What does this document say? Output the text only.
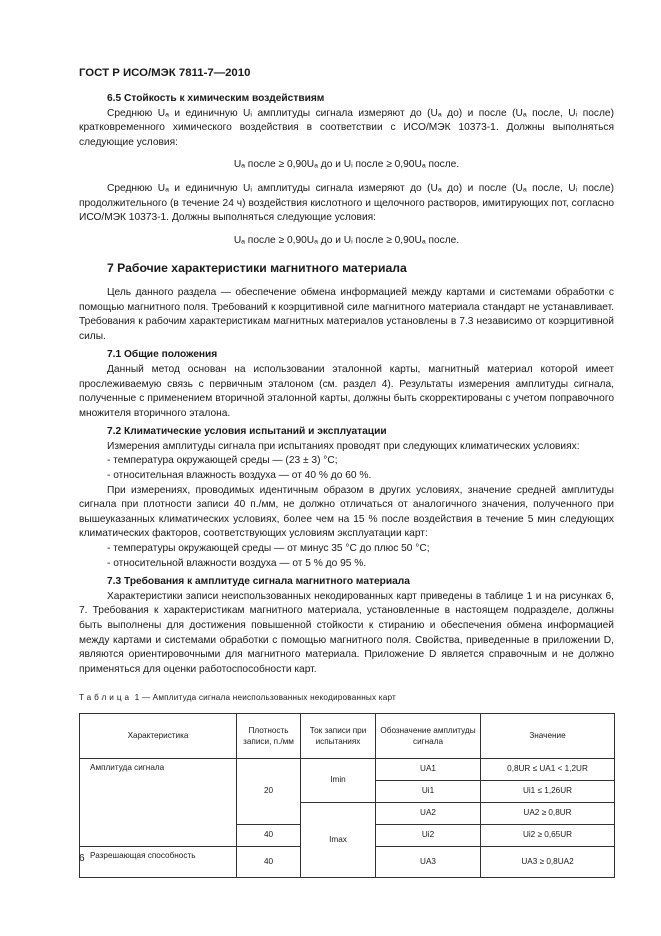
ГОСТ Р ИСО/МЭК 7811-7—2010

6.5 Стойкость к химическим воздействиям

Среднюю Uₐ и единичную Uᵢ амплитуды сигнала измеряют до (Uₐ до) и после (Uₐ после, Uᵢ после) кратковременного химического воздействия в соответствии с ИСО/МЭК 10373-1. Должны выполняться следующие условия:

Uₐ после ≥ 0,90Uₐ до и Uᵢ после ≥ 0,90Uₐ после.

Среднюю Uₐ и единичную Uᵢ амплитуды сигнала измеряют до (Uₐ до) и после (Uₐ после, Uᵢ после) продолжительного (в течение 24 ч) воздействия кислотного и щелочного растворов, имитирующих пот, согласно ИСО/МЭК 10373-1. Должны выполняться следующие условия:

Uₐ после ≥ 0,90Uₐ до и Uᵢ после ≥ 0,90Uₐ после.

7 Рабочие характеристики магнитного материала

Цель данного раздела — обеспечение обмена информацией между картами и системами обработки с помощью магнитного поля. Требований к коэрцитивной силе магнитного материала стандарт не устанавливает. Требования к рабочим характеристикам магнитных материалов установлены в 7.3 независимо от коэрцитивной силы.

7.1 Общие положения

Данный метод основан на использовании эталонной карты, магнитный материал которой имеет прослеживаемую связь с первичным эталоном (см. раздел 4). Результаты измерения амплитуды сигнала, полученные с применением вторичной эталонной карты, должны быть скорректированы с учетом поправочного множителя вторичного эталона.

7.2 Климатические условия испытаний и эксплуатации

Измерения амплитуды сигнала при испытаниях проводят при следующих климатических условиях:

- температура окружающей среды — (23 ± 3) °С;

- относительная влажность воздуха — от 40 % до 60 %.

При измерениях, проводимых идентичным образом в других условиях, значение средней амплитуды сигнала при плотности записи 40 п./мм, не должно отличаться от аналогичного значения, полученного при вышеуказанных климатических условиях, более чем на 15 % после воздействия в течение 5 мин следующих климатических факторов, соответствующих условиям эксплуатации карт:

- температуры окружающей среды — от минус 35 °С до плюс 50 °С;

- относительной влажности воздуха — от 5 % до 95 %.

7.3 Требования к амплитуде сигнала магнитного материала

Характеристики записи неиспользованных некодированных карт приведены в таблице 1 и на рисунках 6, 7. Требования к характеристикам магнитного материала, установленные в настоящем подразделе, должны быть выполнены для достижения повышенной стойкости к стиранию и обеспечения обмена информацией между картами и системами обработки с помощью магнитного поля. Свойства, приведенные в приложении D, являются ориентировочными для магнитного материала. Приложение D является справочным и не должно применяться для оценки работоспособности карт.

Таблица 1 — Амплитуда сигнала неиспользованных некодированных карт

Характеристика	Плотность записи, п./мм	Ток записи при испытаниях	Обозначение амплитуды сигнала	Значение
Амплитуда сигнала	20	Imin	UA1	0,8UR ≤ UA1 < 1,2UR
			Ui1	Ui1 ≤ 1,26UR
		Imax	UA2	UA2 ≥ 0,8UR
	40		Ui2	Ui2 ≥ 0,65UR
Разрешающая способность	40		UA3	UA3 ≥ 0,8UA2
6
